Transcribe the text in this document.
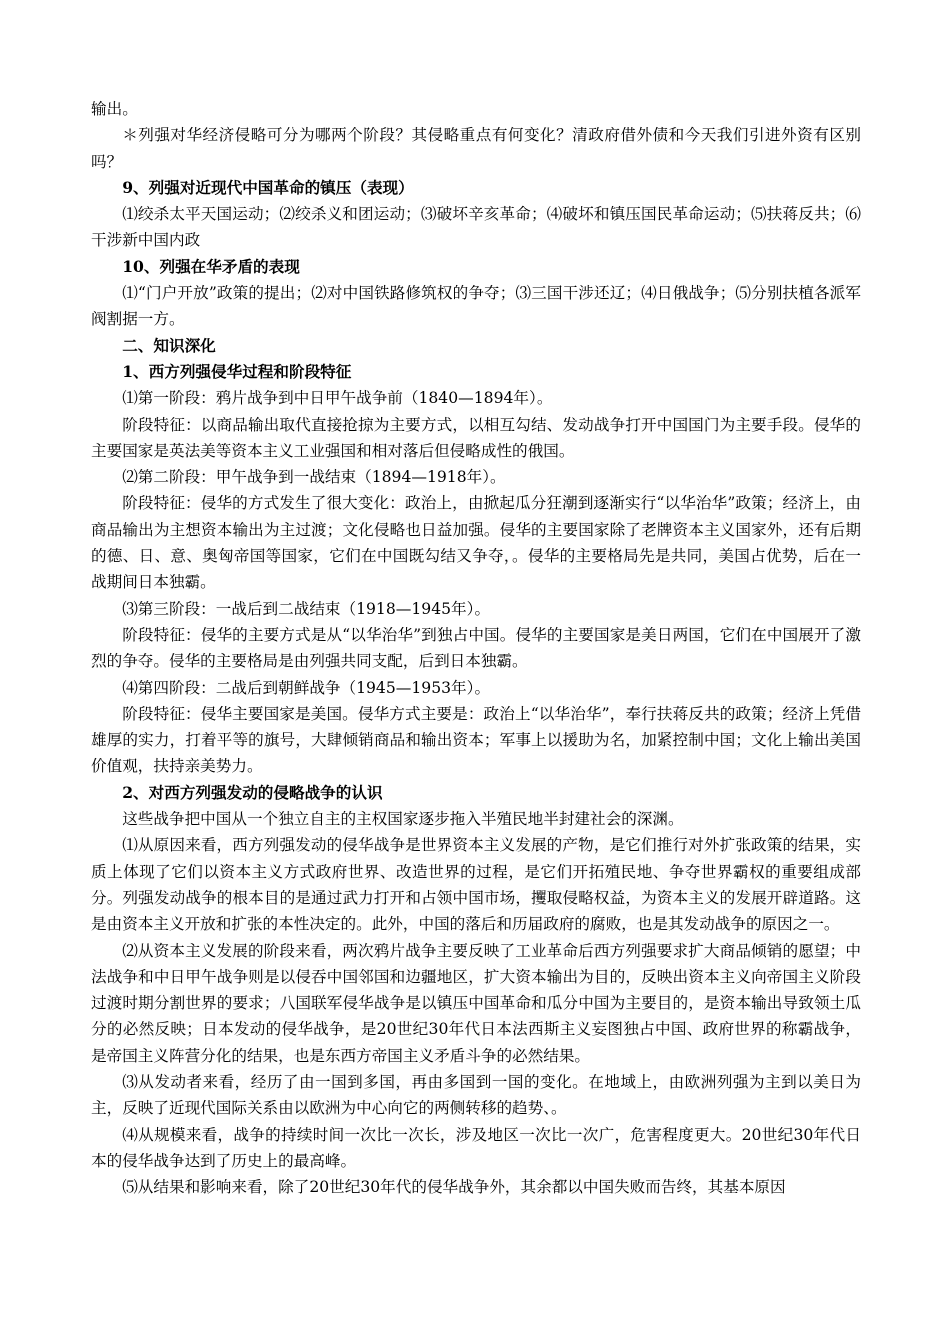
输出。

＊列强对华经济侵略可分为哪两个阶段？其侵略重点有何变化？清政府借外债和今天我们引进外资有区别吗？

9、列强对近现代中国革命的镇压（表现）

⑴绞杀太平天国运动；⑵绞杀义和团运动；⑶破坏辛亥革命；⑷破坏和镇压国民革命运动；⑸扶蒋反共；⑹干涉新中国内政

10、列强在华矛盾的表现

⑴“门户开放”政策的提出；⑵对中国铁路修筑权的争夺；⑶三国干涉还辽；⑷日俄战争；⑸分别扶植各派军阀割据一方。

二、知识深化

1、西方列强侵华过程和阶段特征

⑴第一阶段：鸦片战争到中日甲午战争前（1840—1894年）。

阶段特征：以商品输出取代直接抢掠为主要方式，以相互勾结、发动战争打开中国国门为主要手段。侵华的主要国家是英法美等资本主义工业强国和相对落后但侵略成性的俄国。

⑵第二阶段：甲午战争到一战结束（1894—1918年）。

阶段特征：侵华的方式发生了很大变化：政治上，由掀起瓜分狂潮到逐渐实行“以华治华”政策；经济上，由商品输出为主想资本输出为主过渡；文化侵略也日益加强。侵华的主要国家除了老牌资本主义国家外，还有后期的德、日、意、奥匈帝国等国家，它们在中国既勾结又争夺，。侵华的主要格局先是共同，美国占优势，后在一战期间日本独霸。

⑶第三阶段：一战后到二战结束（1918—1945年）。

阶段特征：侵华的主要方式是从“以华治华”到独占中国。侵华的主要国家是美日两国，它们在中国展开了激烈的争夺。侵华的主要格局是由列强共同支配，后到日本独霸。

⑷第四阶段：二战后到朝鲜战争（1945—1953年）。

阶段特征：侵华主要国家是美国。侵华方式主要是：政治上“以华治华”，奉行扶蒋反共的政策；经济上凭借雄厚的实力，打着平等的旗号，大肆倾销商品和输出资本；军事上以援助为名，加紧控制中国；文化上输出美国价值观，扶持亲美势力。

2、对西方列强发动的侵略战争的认识

这些战争把中国从一个独立自主的主权国家逐步拖入半殖民地半封建社会的深渊。

⑴从原因来看，西方列强发动的侵华战争是世界资本主义发展的产物，是它们推行对外扩张政策的结果，实质上体现了它们以资本主义方式政府世界、改造世界的过程，是它们开拓殖民地、争夺世界霸权的重要组成部分。列强发动战争的根本目的是通过武力打开和占领中国市场，攫取侵略权益，为资本主义的发展开辟道路。这是由资本主义开放和扩张的本性决定的。此外，中国的落后和历届政府的腐败，也是其发动战争的原因之一。

⑵从资本主义发展的阶段来看，两次鸦片战争主要反映了工业革命后西方列强要求扩大商品倾销的愿望；中法战争和中日甲午战争则是以侵吞中国邻国和边疆地区，扩大资本输出为目的，反映出资本主义向帝国主义阶段过渡时期分割世界的要求；八国联军侵华战争是以镇压中国革命和瓜分中国为主要目的，是资本输出导致领土瓜分的必然反映；日本发动的侵华战争，是20世纪30年代日本法西斯主义妄图独占中国、政府世界的称霸战争，是帝国主义阵营分化的结果，也是东西方帝国主义矛盾斗争的必然结果。

⑶从发动者来看，经历了由一国到多国，再由多国到一国的变化。在地域上，由欧洲列强为主到以美日为主，反映了近现代国际关系由以欧洲为中心向它的两侧转移的趋势、。

⑷从规模来看，战争的持续时间一次比一次长，涉及地区一次比一次广，危害程度更大。20世纪30年代日本的侵华战争达到了历史上的最高峰。

⑸从结果和影响来看，除了20世纪30年代的侵华战争外，其余都以中国失败而告终，其基本原因
